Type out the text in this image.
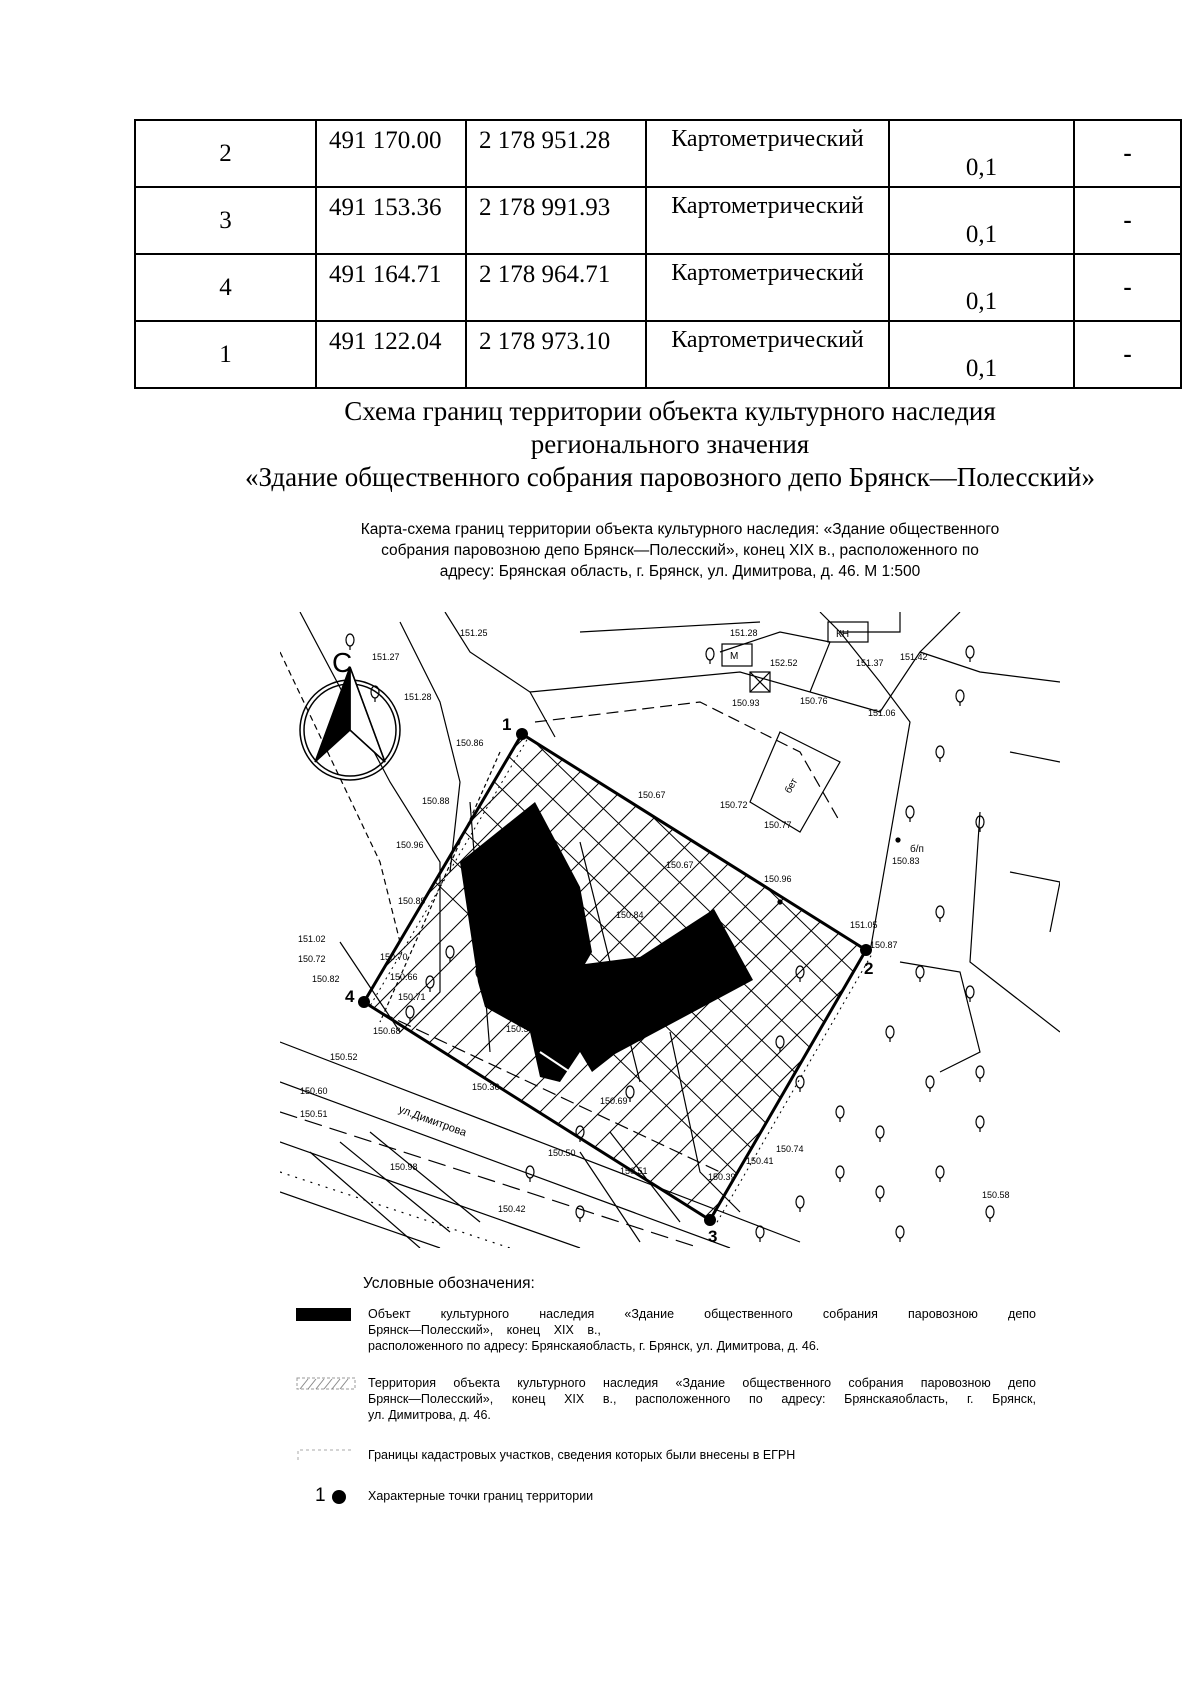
2	491 170.00	2 178 951.28	Картометрический	0,1	-
3	491 153.36	2 178 991.93	Картометрический	0,1	-
4	491 164.71	2 178 964.71	Картометрический	0,1	-
1	491 122.04	2 178 973.10	Картометрический	0,1	-
Схема границ территории объекта культурного наследия
регионального значения
«Здание общественного собрания паровозного депо Брянск—Полесский»
Карта-схема границ территории объекта культурного наследия: «Здание общественного
собрания паровозною депо Брянск—Полесский», конец XIX в., расположенного по
адресу: Брянская область, г. Брянск, ул. Димитрова, д. 46. М 1:500
С
1
2
3
4
ул.Димитрова
КН
М
бет
б/п
151.25
151.27
151.28
151.28
152.52	151.37
151.42
151.06
150.76
150.93
150.86
150.88
150.96
150.89
151.02
150.72
150.82
150.70
150.66
150.71
150.68
150.52
150.60
150.51
150.36
150.69
150.59
150.67
150.72
150.77
150.83
150.96
151.05
150.87
150.67
150.84
150.41
150.39
150.58
150.51
150.50
150.98
150.42
150.74
Условные обозначения:
Объект культурного наследия «Здание общественного собрания паровозною депо
Брянск—Полесский», конец XIX в.,
расположенного по адресу: Брянскаяобласть, г. Брянск, ул. Димитрова, д. 46.
Территория объекта культурного наследия «Здание общественного собрания паровозною депо
Брянск—Полесский», конец XIX в., расположенного по адресу: Брянскаяобласть, г. Брянск,
ул. Димитрова, д. 46.
Границы кадастровых участков, сведения которых были внесены в ЕГРН
1	Характерные точки границ территории
